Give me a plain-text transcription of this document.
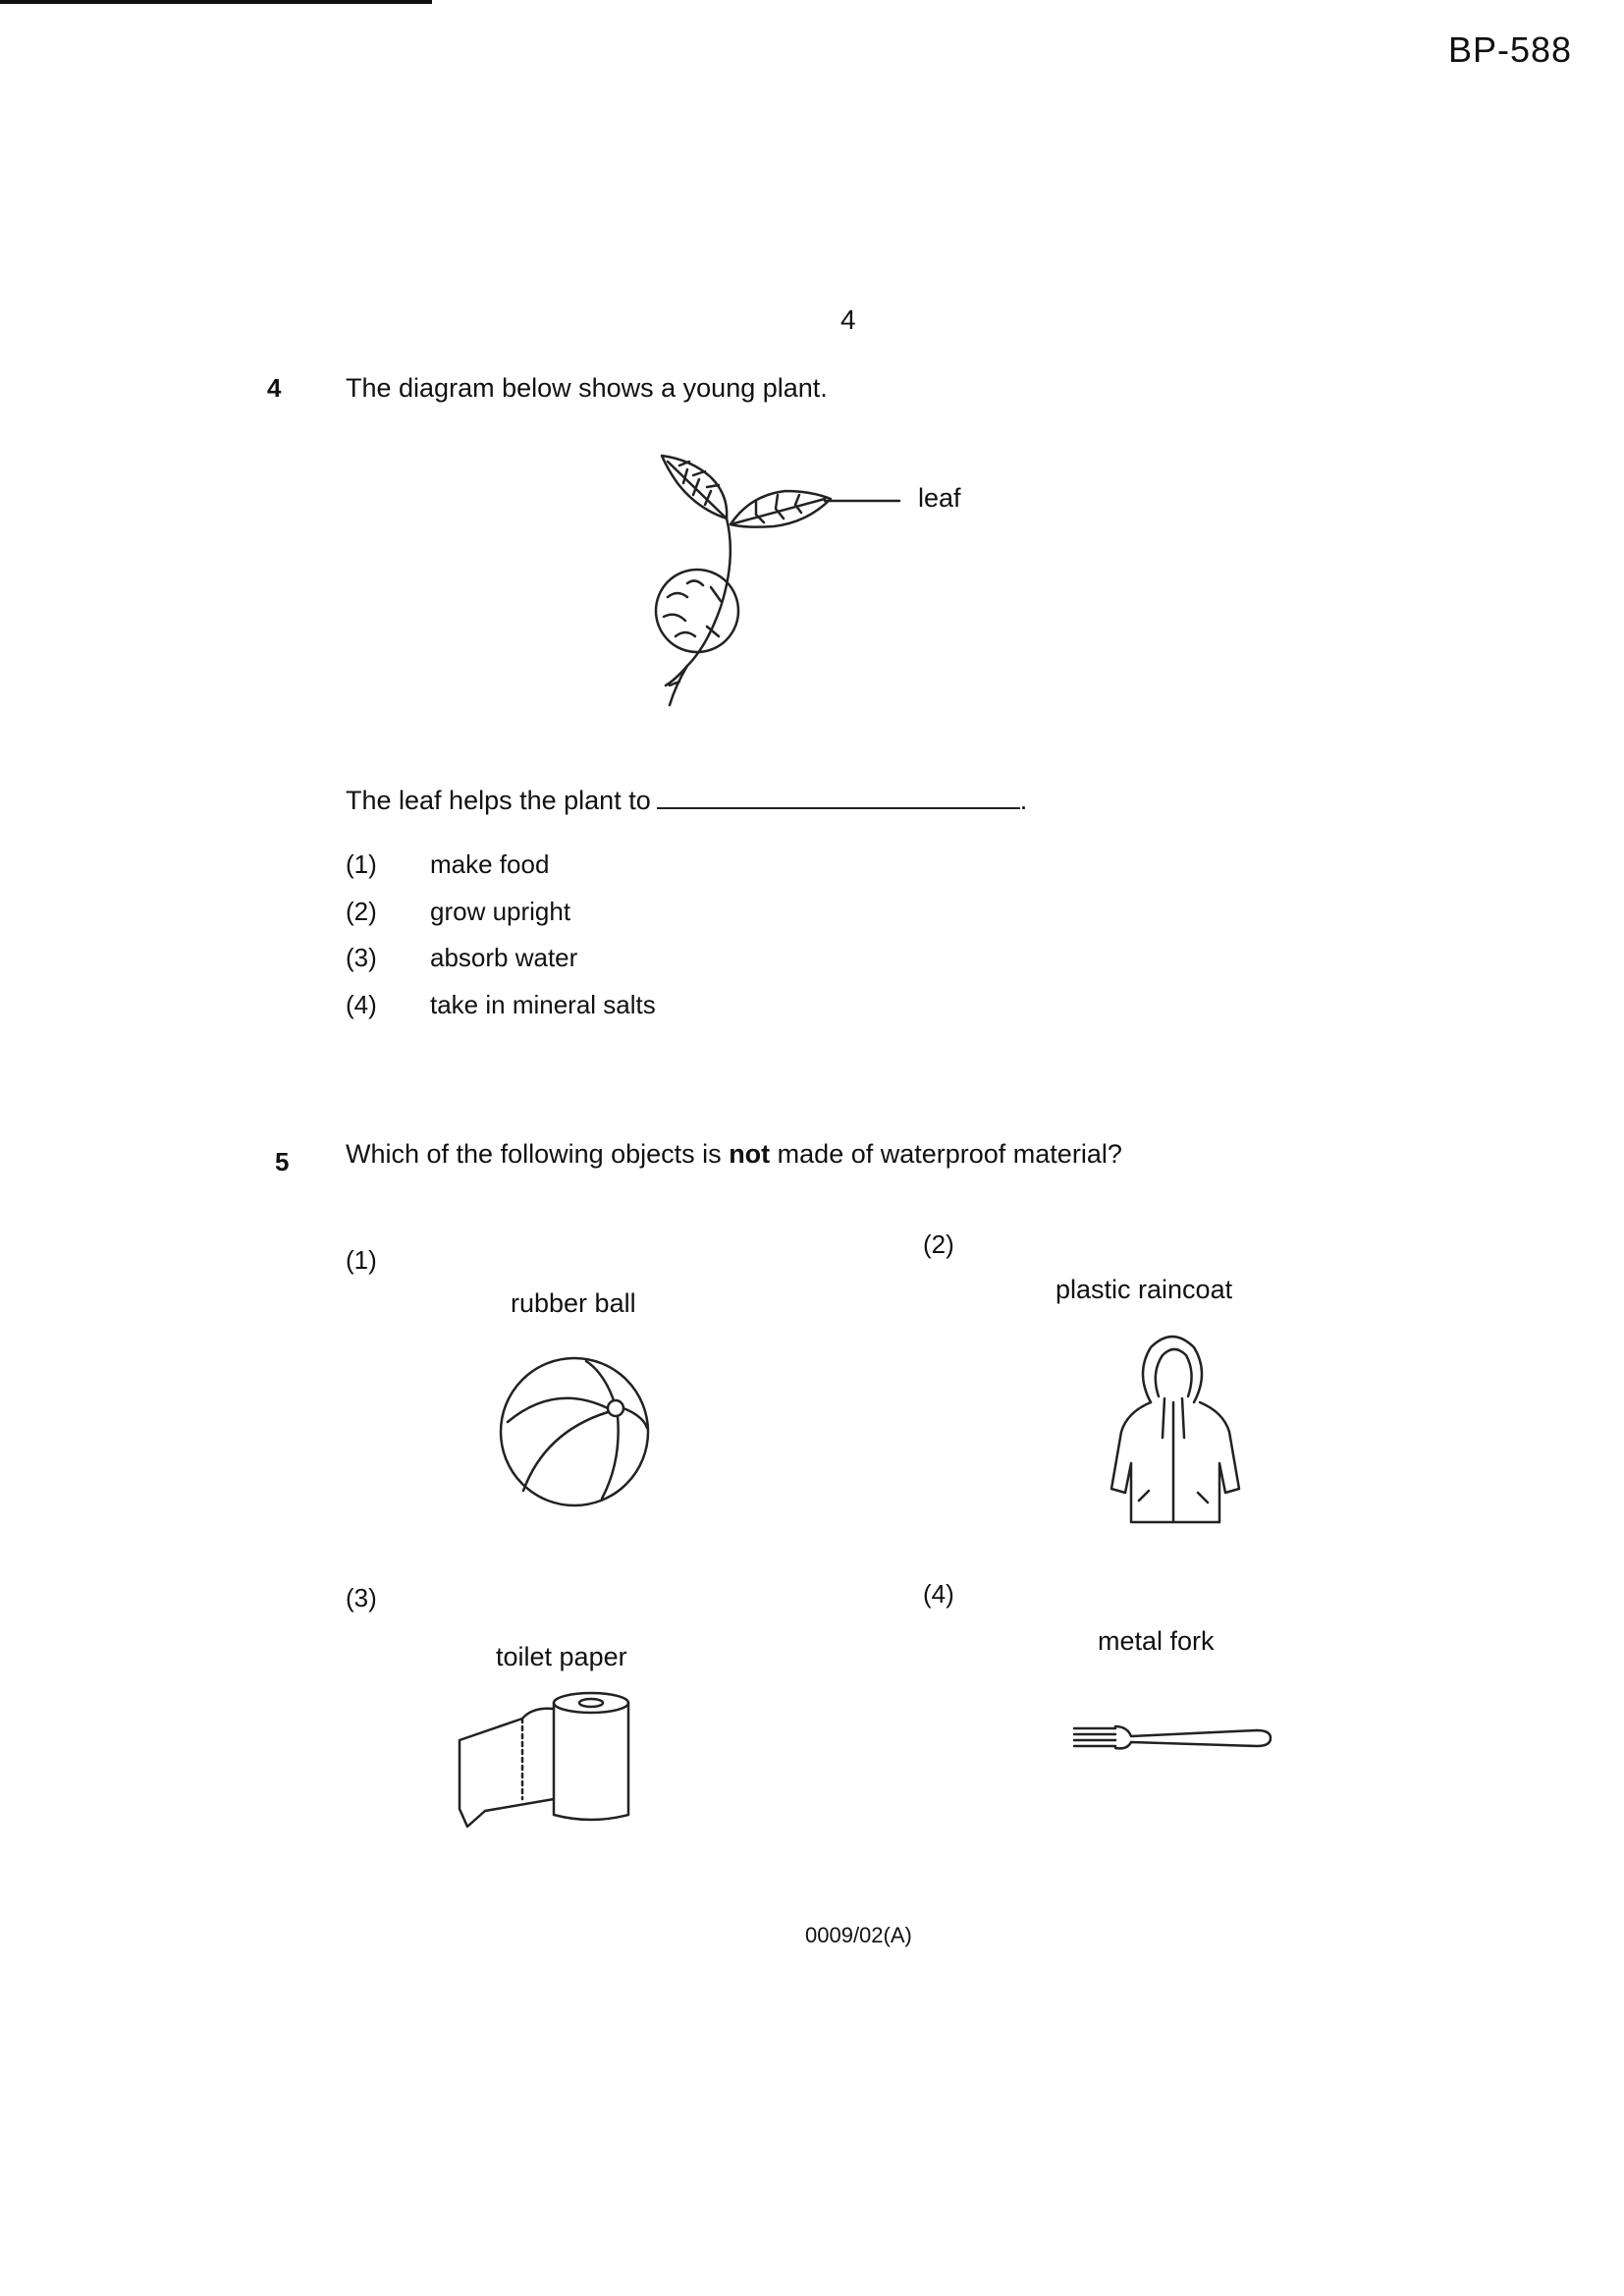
BP-588
4
4 The diagram below shows a young plant.
leaf
The leaf helps the plant to	.
(1) make food
(2) grow upright
(3) absorb water
(4) take in mineral salts
5 Which of the following objects is not made of waterproof material?
(1)
rubber ball
(2)
plastic raincoat
(3)
toilet paper
(4)
metal fork
0009/02(A)
